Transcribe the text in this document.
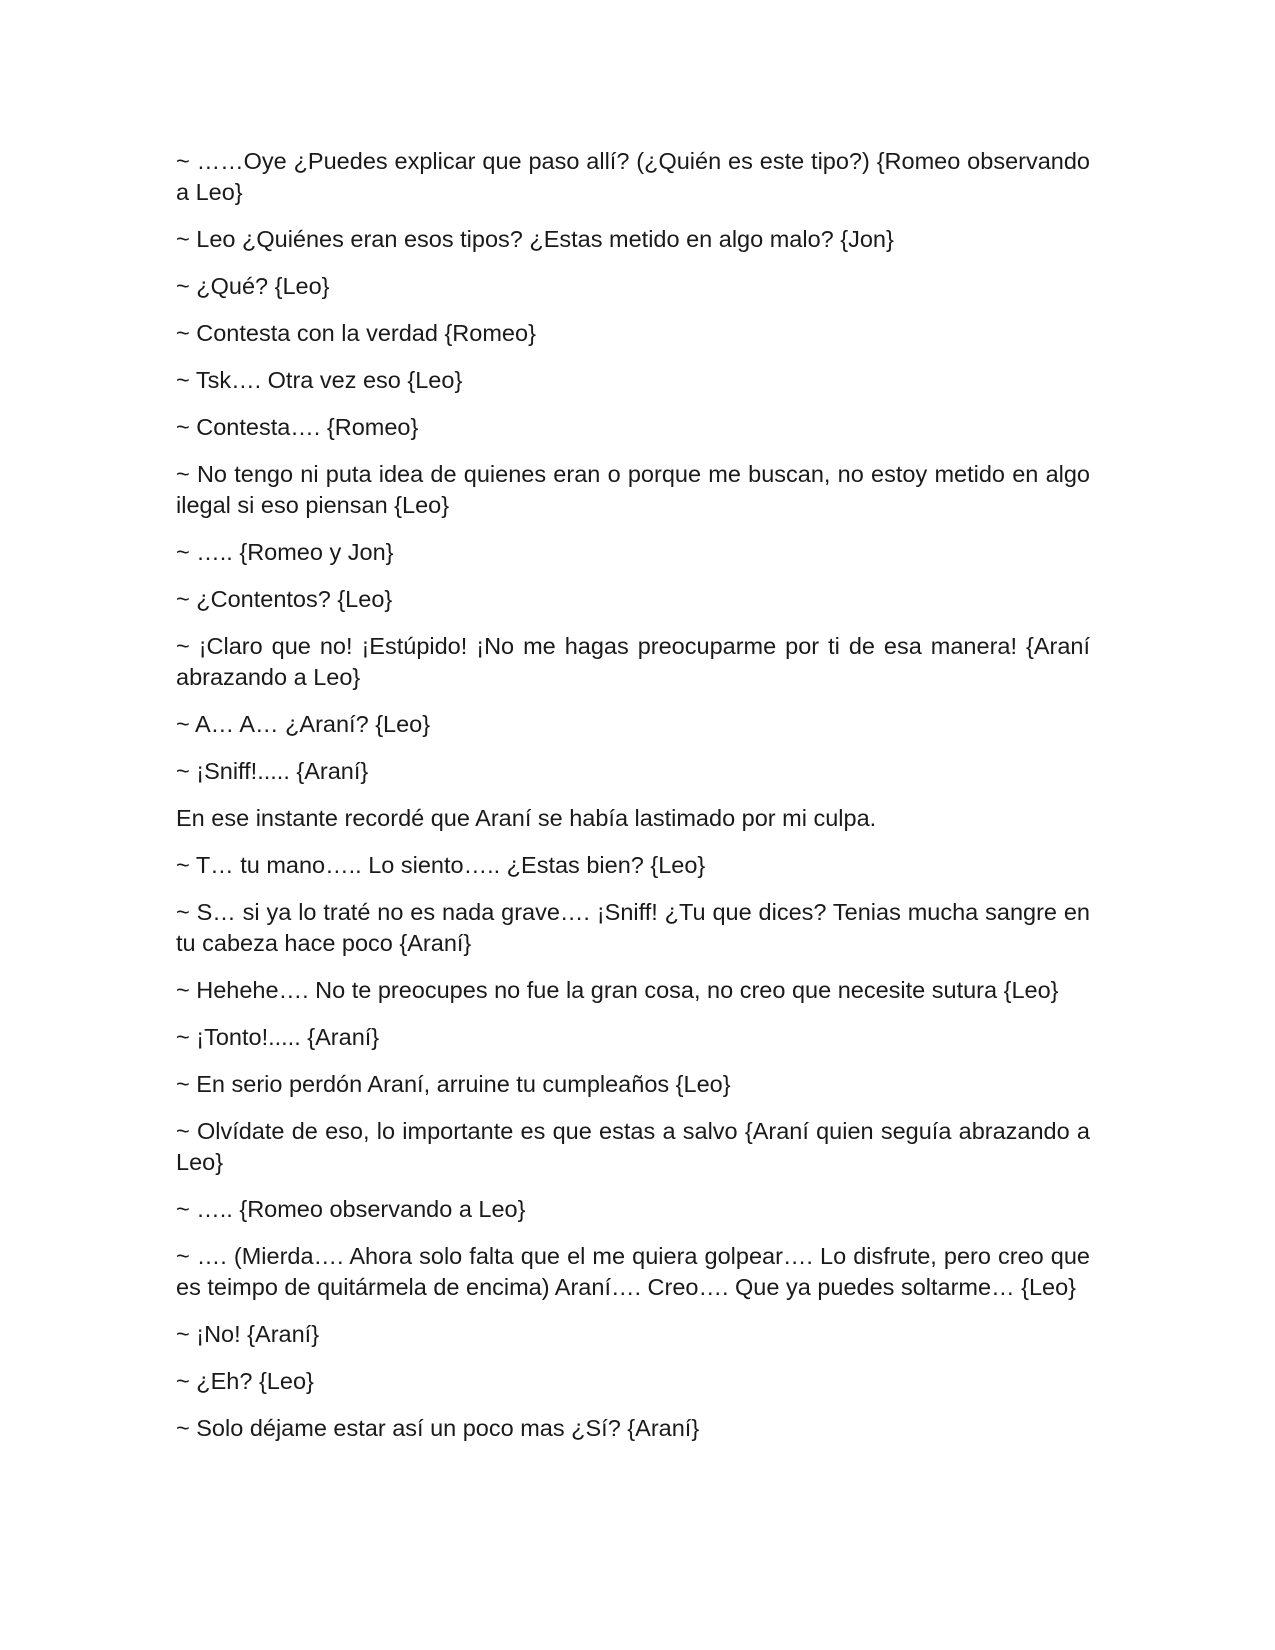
~ ……Oye ¿Puedes explicar que paso allí? (¿Quién es este tipo?) {Romeo observando a Leo}

~ Leo ¿Quiénes eran esos tipos? ¿Estas metido en algo malo? {Jon}

~ ¿Qué? {Leo}

~ Contesta con la verdad {Romeo}

~ Tsk…. Otra vez eso {Leo}

~ Contesta…. {Romeo}

~ No tengo ni puta idea de quienes eran o porque me buscan, no estoy metido en algo ilegal si eso piensan {Leo}

~ ….. {Romeo y Jon}

~ ¿Contentos? {Leo}

~ ¡Claro que no! ¡Estúpido! ¡No me hagas preocuparme por ti de esa manera! {Araní abrazando a Leo}

~ A… A… ¿Araní? {Leo}

~ ¡Sniff!..... {Araní}

En ese instante recordé que Araní se había lastimado por mi culpa.

~ T… tu mano….. Lo siento….. ¿Estas bien? {Leo}

~ S… si ya lo traté no es nada grave…. ¡Sniff! ¿Tu que dices? Tenias mucha sangre en tu cabeza hace poco {Araní}

~ Hehehe…. No te preocupes no fue la gran cosa, no creo que necesite sutura {Leo}

~ ¡Tonto!..... {Araní}

~ En serio perdón Araní, arruine tu cumpleaños {Leo}

~ Olvídate de eso, lo importante es que estas a salvo {Araní quien seguía abrazando a Leo}

~ ….. {Romeo observando a Leo}

~ …. (Mierda…. Ahora solo falta que el me quiera golpear…. Lo disfrute, pero creo que es teimpo de quitármela de encima) Araní…. Creo…. Que ya puedes soltarme… {Leo}

~ ¡No! {Araní}

~ ¿Eh? {Leo}

~ Solo déjame estar así un poco mas ¿Sí? {Araní}
